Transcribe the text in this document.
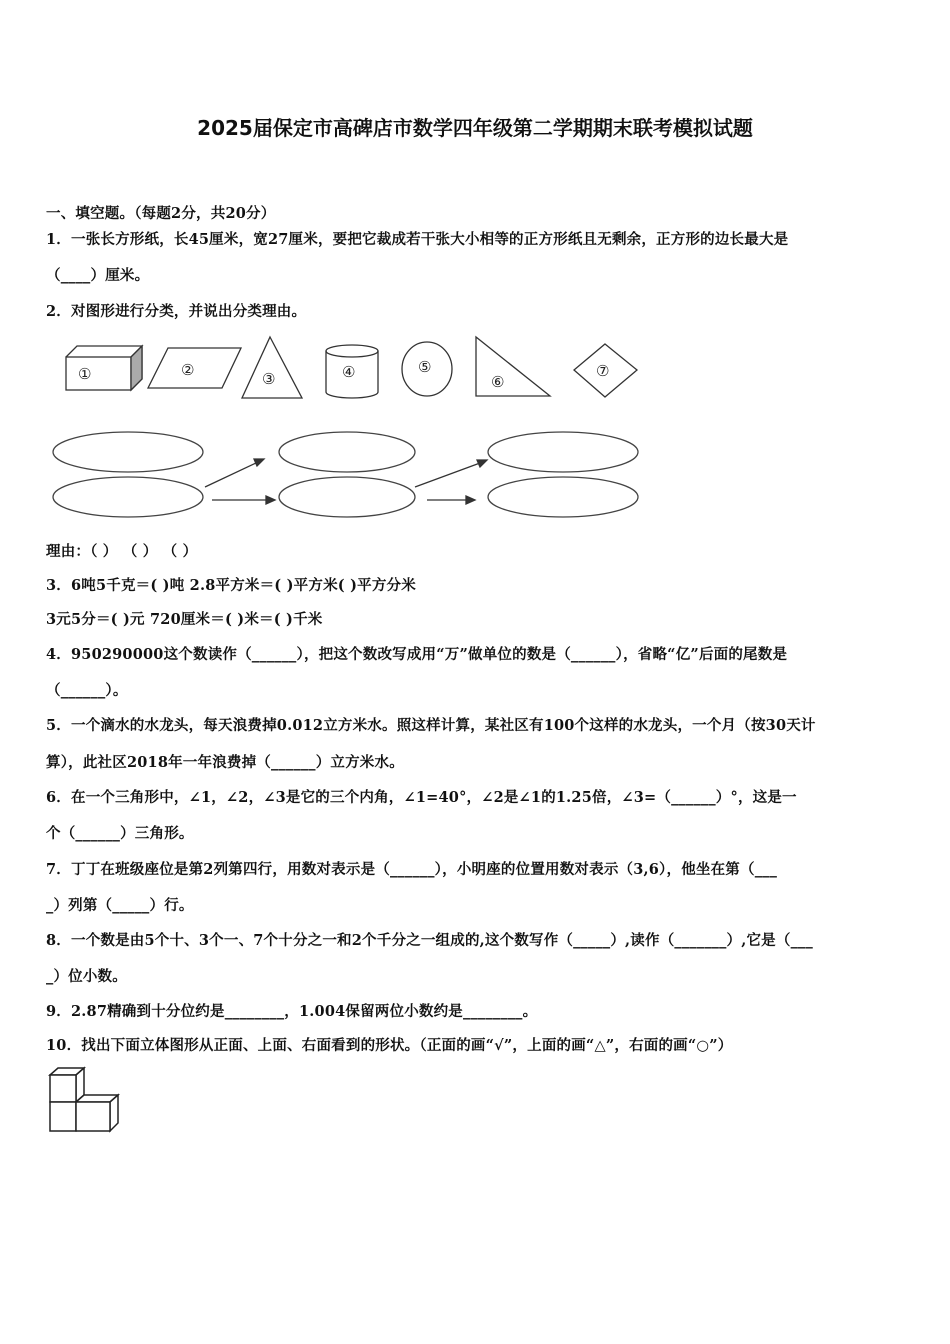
2025届保定市高碑店市数学四年级第二学期期末联考模拟试题
一、填空题。（每题2分，共20分）
1．一张长方形纸，长45厘米，宽27厘米，要把它裁成若干张大小相等的正方形纸且无剩余，正方形的边长最大是
（____）厘米。
2．对图形进行分类，并说出分类理由。
①	②	③	④	⑤
⑥
⑦
理由：（ ） （ ） （ ）
3．6吨5千克＝( )吨 2.8平方米＝( )平方米( )平方分米
3元5分＝( )元 720厘米＝( )米＝( )千米
4．950290000这个数读作（______），把这个数改写成用“万”做单位的数是（______），省略“亿”后面的尾数是
（______）。
5．一个滴水的水龙头，每天浪费掉0.012立方米水。照这样计算，某社区有100个这样的水龙头，一个月（按30天计
算），此社区2018年一年浪费掉（______）立方米水。
6．在一个三角形中，∠1，∠2，∠3是它的三个内角，∠1=40°，∠2是∠1的1.25倍，∠3=（______）°，这是一
个（______）三角形。
7．丁丁在班级座位是第2列第四行，用数对表示是（______），小明座的位置用数对表示（3,6），他坐在第（___
_）列第（_____）行。
8．一个数是由5个十、3个一、7个十分之一和2个千分之一组成的,这个数写作（_____）,读作（_______）,它是（___
_）位小数。
9．2.87精确到十分位约是________，1.004保留两位小数约是________。
10．找出下面立体图形从正面、上面、右面看到的形状。（正面的画“√”，上面的画“△”，右面的画“○”）
